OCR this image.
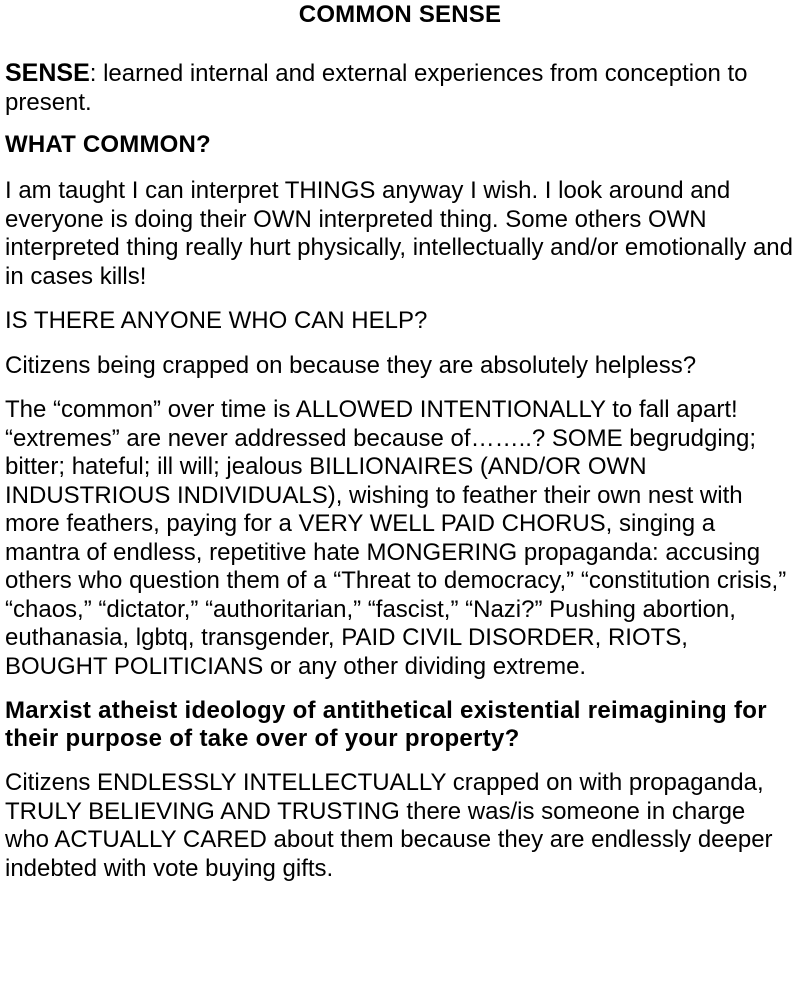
COMMON SENSE

SENSE: learned internal and external experiences from conception to present.

WHAT COMMON?

I am taught I can interpret THINGS anyway I wish. I look around and everyone is doing their OWN interpreted thing. Some others OWN interpreted thing really hurt physically, intellectually and/or emotionally and in cases kills!

IS THERE ANYONE WHO CAN HELP?

Citizens being crapped on because they are absolutely helpless?

The “common” over time is ALLOWED INTENTIONALLY to fall apart! “extremes” are never addressed because of……..? SOME begrudging; bitter; hateful; ill will; jealous BILLIONAIRES (AND/OR OWN INDUSTRIOUS INDIVIDUALS), wishing to feather their own nest with more feathers, paying for a VERY WELL PAID CHORUS, singing a mantra of endless, repetitive hate MONGERING propaganda: accusing others who question them of a “Threat to democracy,” “constitution crisis,” “chaos,” “dictator,” “authoritarian,” “fascist,” “Nazi?” Pushing abortion, euthanasia, lgbtq, transgender, PAID CIVIL DISORDER, RIOTS, BOUGHT POLITICIANS or any other dividing extreme.

Marxist atheist ideology of antithetical existential reimagining for their purpose of take over of your property?

Citizens ENDLESSLY INTELLECTUALLY crapped on with propaganda, TRULY BELIEVING AND TRUSTING there was/is someone in charge who ACTUALLY CARED about them because they are endlessly deeper indebted with vote buying gifts.
